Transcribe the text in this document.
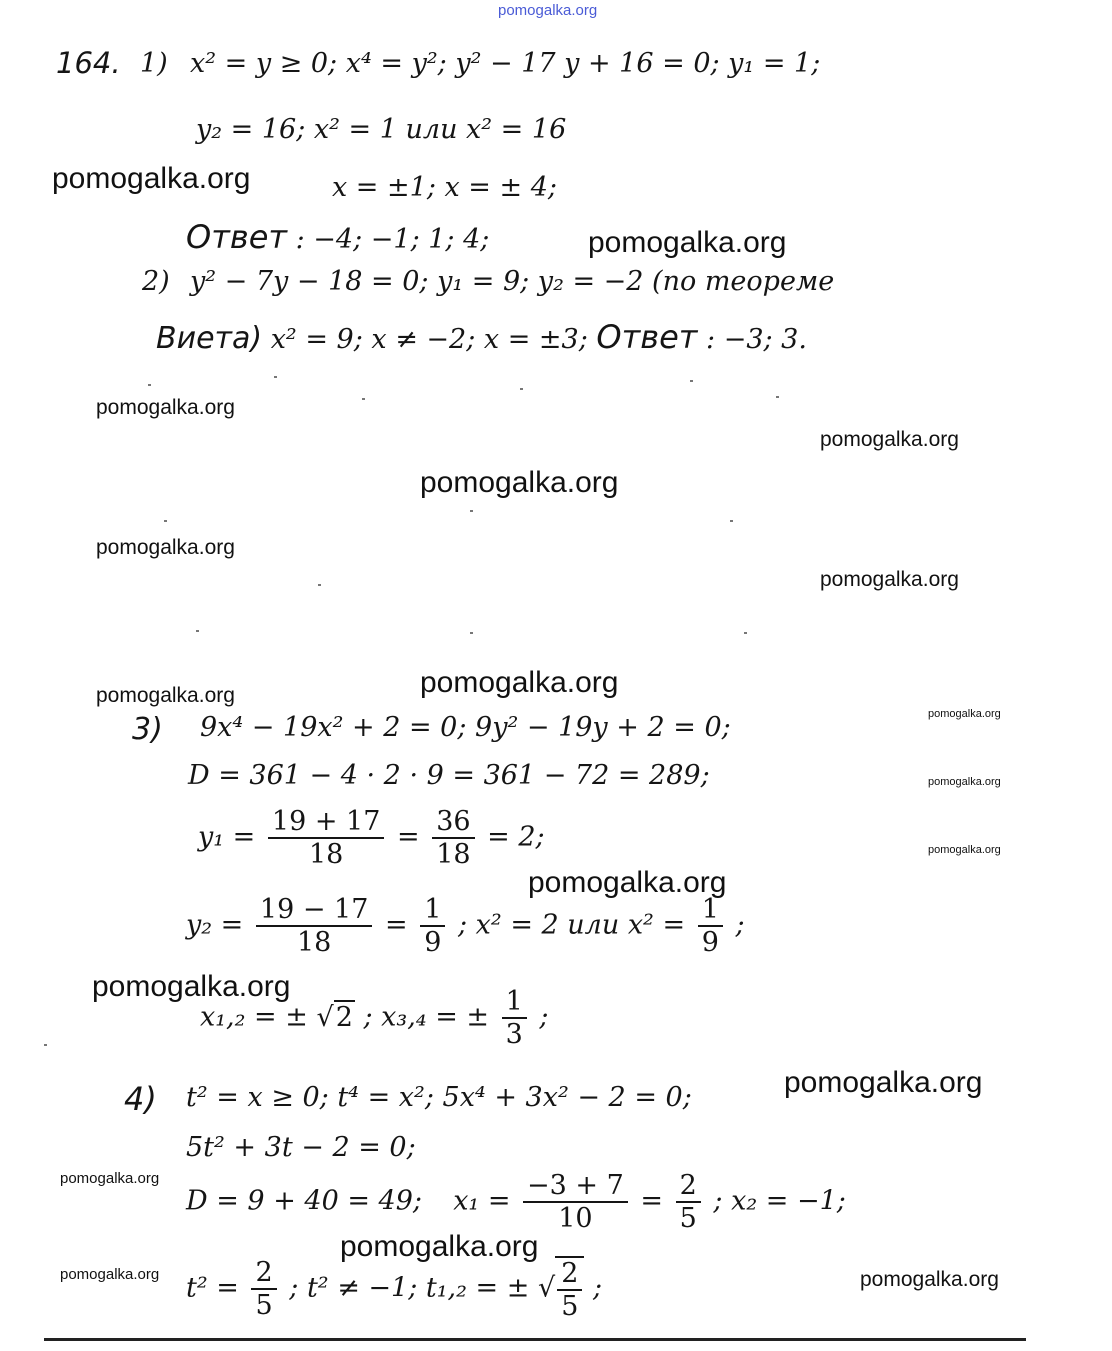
pomogalka.org
164. 1) x² = y ≥ 0; x⁴ = y²; y² − 17 y + 16 = 0; y₁ = 1;
y₂ = 16; x² = 1 или x² = 16
x = ±1; x = ± 4;
Ответ : −4; −1; 1; 4;
2) y² − 7y − 18 = 0; y₁ = 9; y₂ = −2 (по теореме
Виета) x² = 9; x ≠ −2; x = ±3; Ответ : −3; 3.
3) 9x⁴ − 19x² + 2 = 0; 9y² − 19y + 2 = 0;
D = 361 − 4 · 2 · 9 = 361 − 72 = 289;
$y_1 = \frac{19 + 17}{18} = \frac{36}{18} = 2$;
$y_2 = \frac{19 - 17}{18} = \frac{1}{9}$ ; x² = 2 или $x^2 = \frac{1}{9}$ ;
x₁,₂ = ± √2 ; x₃,₄ = ± $\frac{1}{3}$ ;
4) t² = x ≥ 0; t⁴ = x²; 5x⁴ + 3x² − 2 = 0;
5t² + 3t − 2 = 0;
D = 9 + 40 = 49; $x_1 = \frac{-3 + 7}{10} = \frac{2}{5}$ ; x₂ = −1;
$t^2 = \frac{2}{5}$ ; t² ≠ −1; t₁,₂ = ± √ $\frac{2}{5}$ ;
pomogalka.org
pomogalka.org
pomogalka.org
pomogalka.org
pomogalka.org
pomogalka.org
pomogalka.org
pomogalka.org
pomogalka.org
pomogalka.org
pomogalka.org
pomogalka.org
pomogalka.org
pomogalka.org
pomogalka.org
pomogalka.org
pomogalka.org
pomogalka.org	pomogalka.org
